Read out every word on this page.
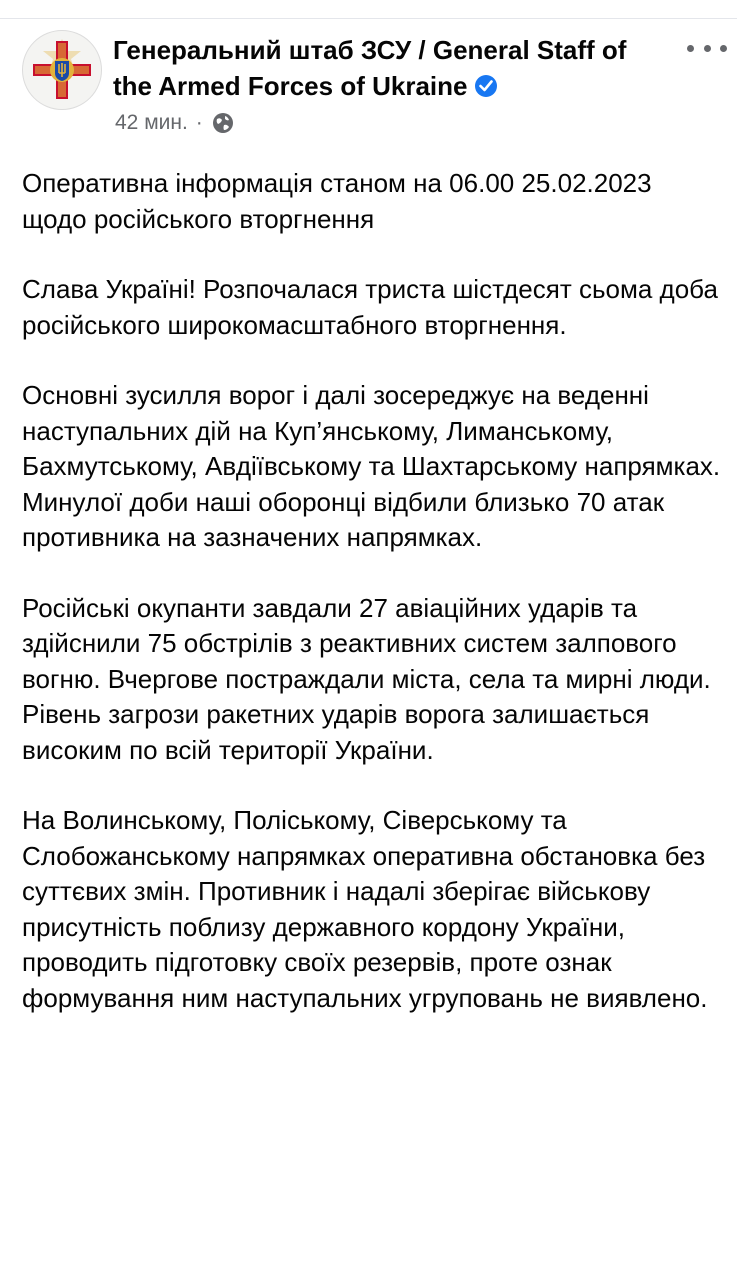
Генеральний штаб ЗСУ / General Staff of the Armed Forces of Ukraine
42 мин. ·

Оперативна інформація станом на 06.00 25.02.2023 щодо російського вторгнення

Слава Україні! Розпочалася триста шістдесят сьома доба російського широкомасштабного вторгнення.

Основні зусилля ворог і далі зосереджує на веденні наступальних дій на Куп’янському, Лиманському, Бахмутському, Авдіївському та Шахтарському напрямках. Минулої доби наші оборонці відбили близько 70 атак противника на зазначених напрямках.

Російські окупанти завдали 27 авіаційних ударів та здійснили 75 обстрілів з реактивних систем залпового вогню. Вчергове постраждали міста, села та мирні люди. Рівень загрози ракетних ударів ворога залишається високим по всій території України.

На Волинському, Поліському, Сіверському та Слобожанському напрямках оперативна обстановка без суттєвих змін. Противник і надалі зберігає військову присутність поблизу державного кордону України, проводить підготовку своїх резервів, проте ознак формування ним наступальних угруповань не виявлено.
